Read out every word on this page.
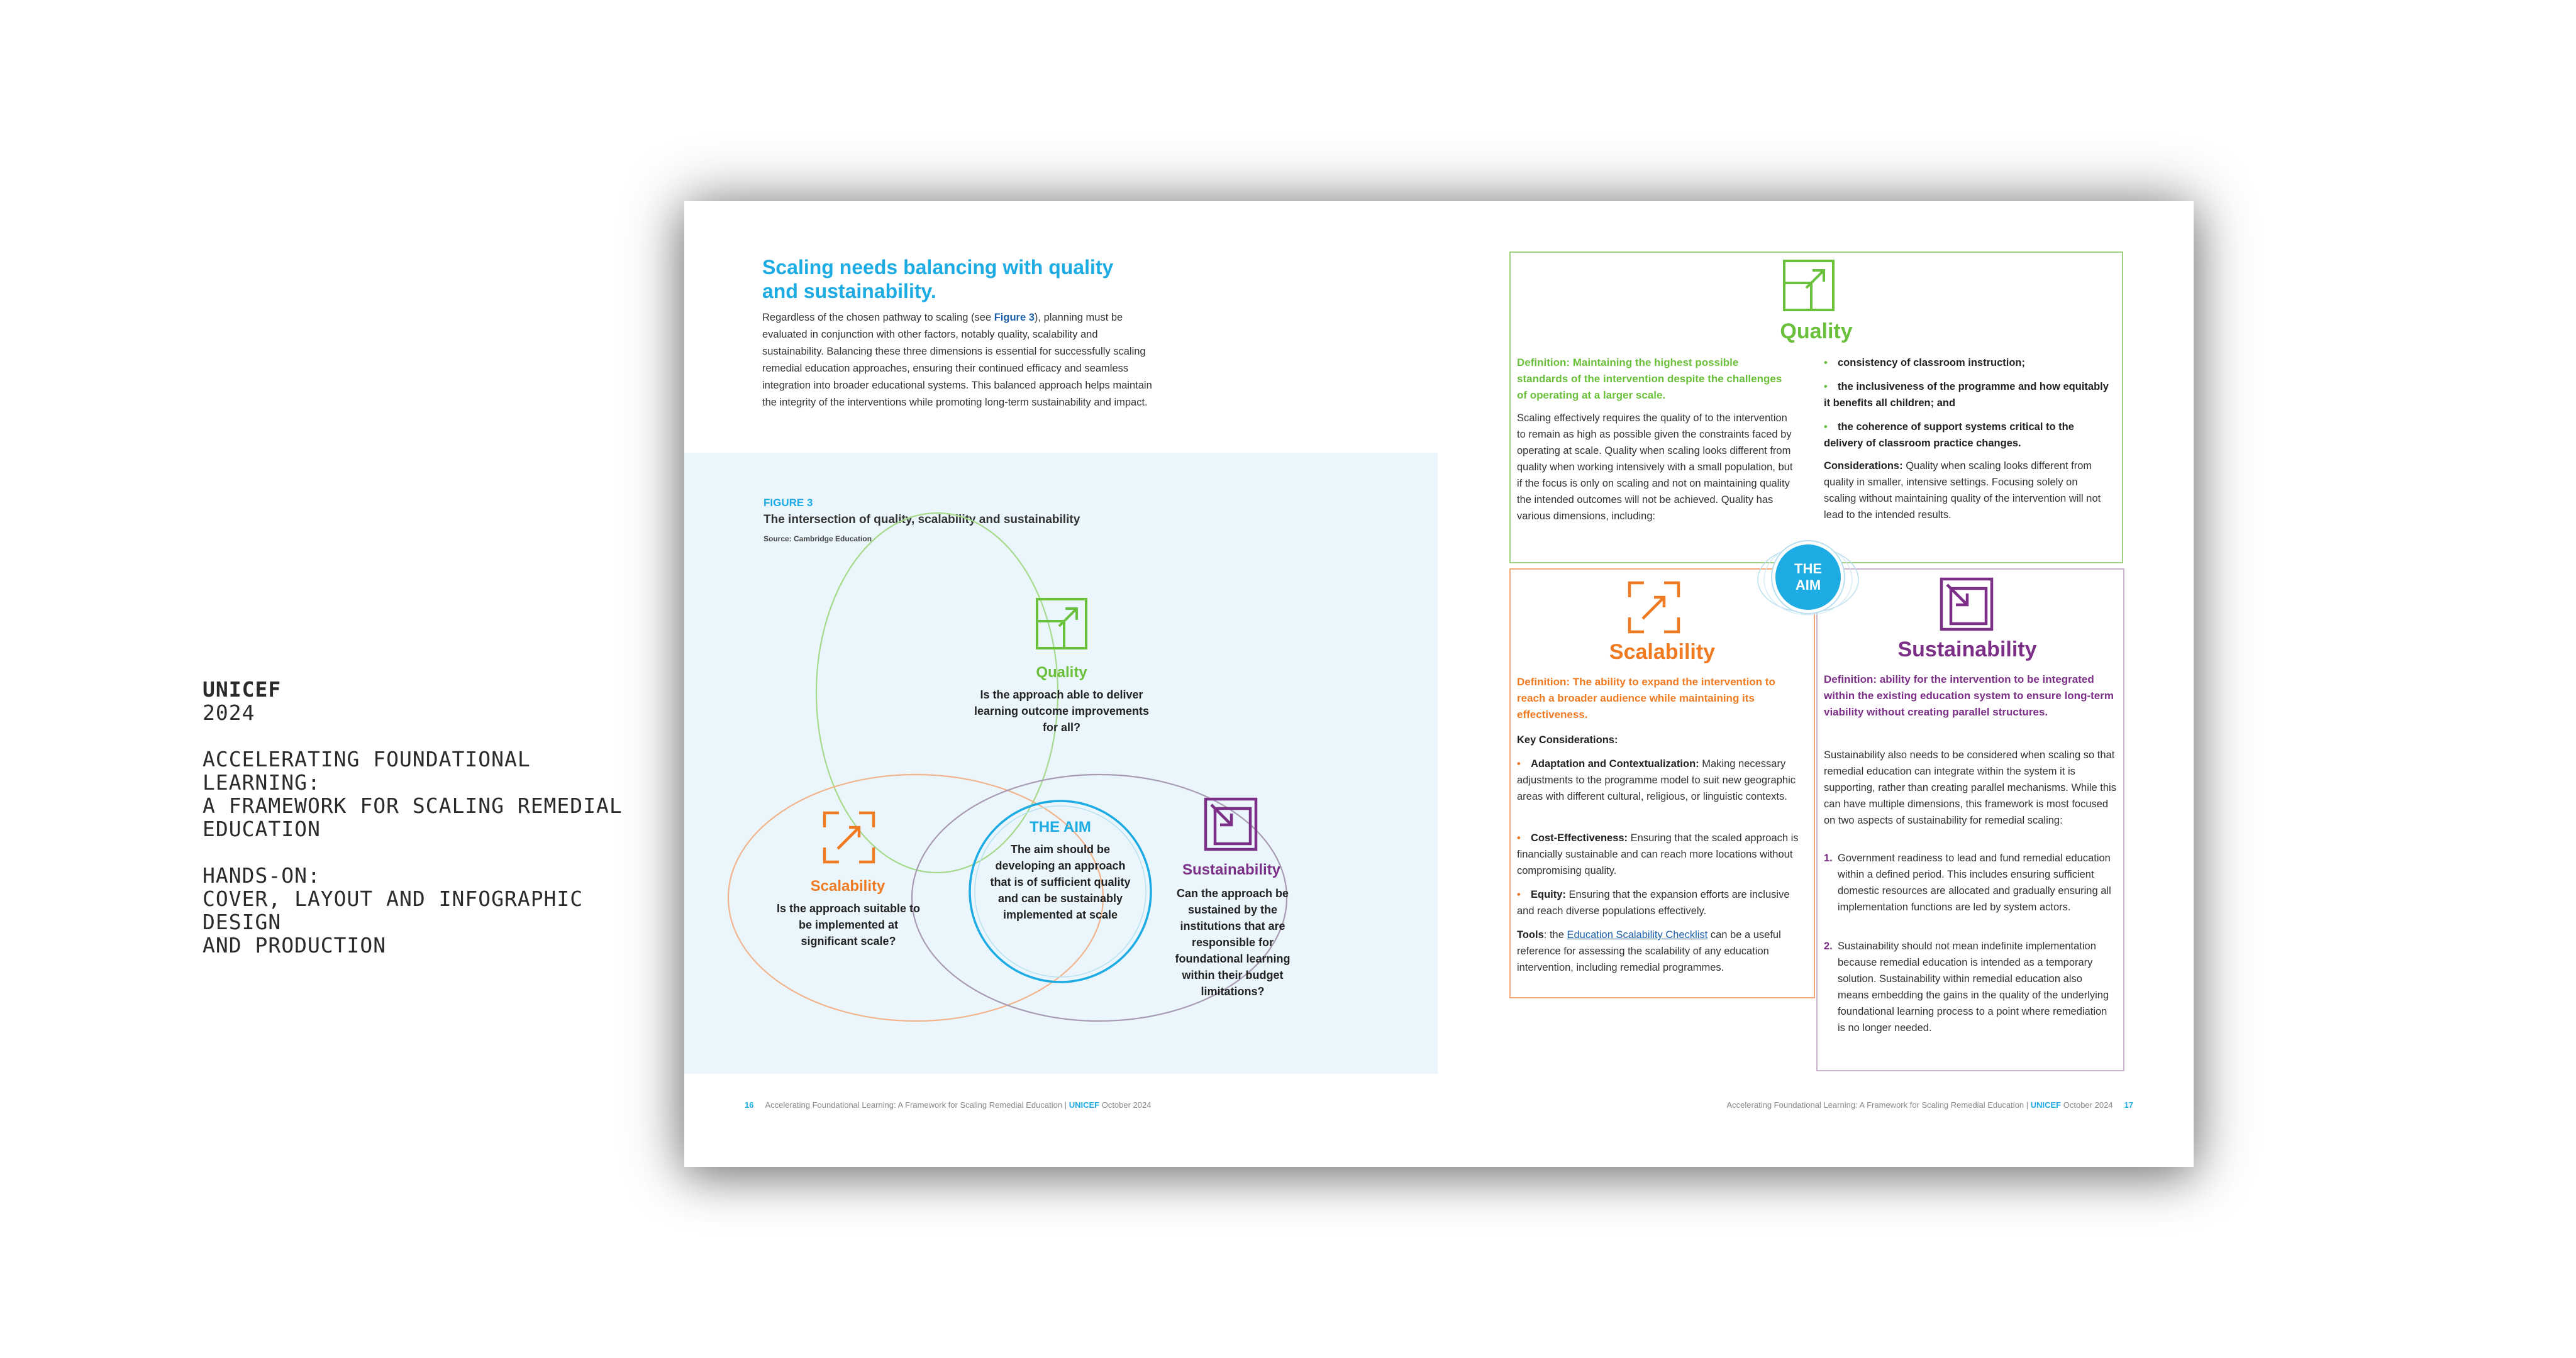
UNICEF
2024
ACCELERATING FOUNDATIONAL LEARNING:
A FRAMEWORK FOR SCALING REMEDIAL
EDUCATION
HANDS-ON:
COVER, LAYOUT AND INFOGRAPHIC DESIGN
AND PRODUCTION
Scaling needs balancing with quality and sustainability.
Regardless of the chosen pathway to scaling (see Figure 3), planning must be evaluated in conjunction with other factors, notably quality, scalability and sustainability. Balancing these three dimensions is essential for successfully scaling remedial education approaches, ensuring their continued efficacy and seamless integration into broader educational systems. This balanced approach helps maintain the integrity of the interventions while promoting long-term sustainability and impact.
FIGURE 3
The intersection of quality, scalability and sustainability
Source: Cambridge Education
Quality
Is the approach able to deliver learning outcome improvements for all?
Scalability
Is the approach suitable to be implemented at significant scale?
Sustainability
Can the approach be sustained by the institutions that are responsible for foundational learning within their budget limitations?
THE AIM
The aim should be developing an approach that is of sufficient quality and can be sustainably implemented at scale
16 Accelerating Foundational Learning: A Framework for Scaling Remedial Education | UNICEF October 2024
Quality
Definition: Maintaining the highest possible standards of the intervention despite the challenges of operating at a larger scale.
Scaling effectively requires the quality of to the intervention to remain as high as possible given the constraints faced by operating at scale. Quality when scaling looks different from quality when working intensively with a small population, but if the focus is only on scaling and not on maintaining quality the intended outcomes will not be achieved. Quality has various dimensions, including:
• consistency of classroom instruction;
• the inclusiveness of the programme and how equitably it benefits all children; and
• the coherence of support systems critical to the delivery of classroom practice changes.
Considerations: Quality when scaling looks different from quality in smaller, intensive settings. Focusing solely on scaling without maintaining quality of the intervention will not lead to the intended results.
Scalability
Definition: The ability to expand the intervention to reach a broader audience while maintaining its effectiveness.
Key Considerations:
• Adaptation and Contextualization: Making necessary adjustments to the programme model to suit new geographic areas with different cultural, religious, or linguistic contexts.
• Cost-Effectiveness: Ensuring that the scaled approach is financially sustainable and can reach more locations without compromising quality.
• Equity: Ensuring that the expansion efforts are inclusive and reach diverse populations effectively.
Tools: the Education Scalability Checklist can be a useful reference for assessing the scalability of any education intervention, including remedial programmes.
Sustainability
Definition: ability for the intervention to be integrated within the existing education system to ensure long-term viability without creating parallel structures.
Sustainability also needs to be considered when scaling so that remedial education can integrate within the system it is supporting, rather than creating parallel mechanisms. While this can have multiple dimensions, this framework is most focused on two aspects of sustainability for remedial scaling:
1. Government readiness to lead and fund remedial education within a defined period. This includes ensuring sufficient domestic resources are allocated and gradually ensuring all implementation functions are led by system actors.
2. Sustainability should not mean indefinite implementation because remedial education is intended as a temporary solution. Sustainability within remedial education also means embedding the gains in the quality of the underlying foundational learning process to a point where remediation is no longer needed.
THE
AIM
Accelerating Foundational Learning: A Framework for Scaling Remedial Education | UNICEF October 2024 17
